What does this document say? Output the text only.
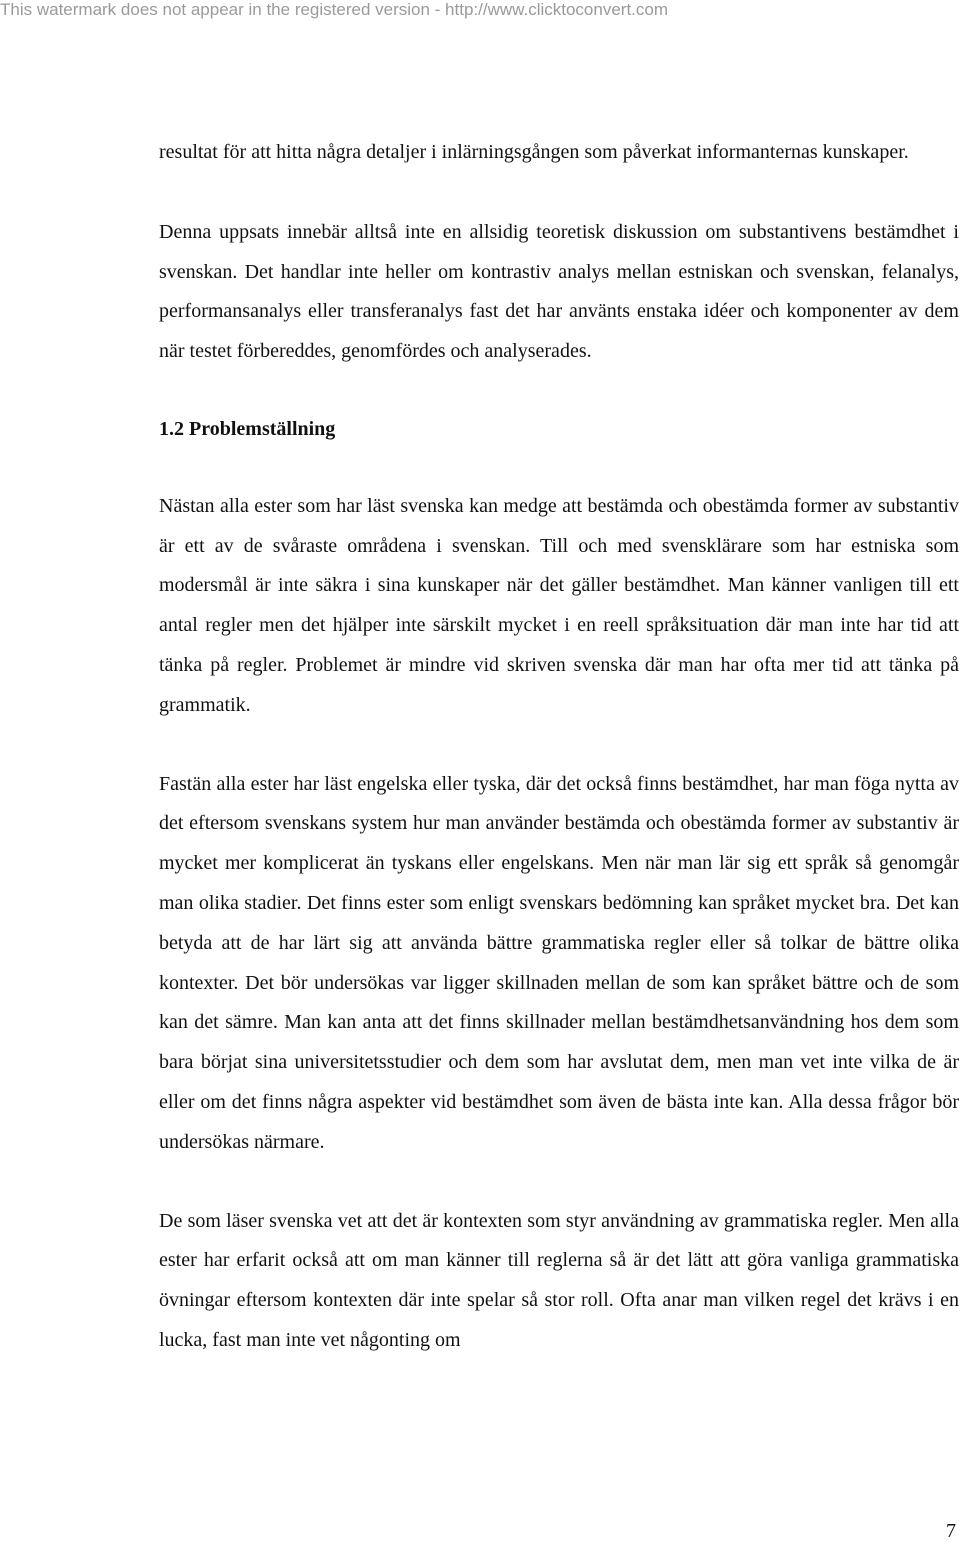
This watermark does not appear in the registered version - http://www.clicktoconvert.com

resultat för att hitta några detaljer i inlärningsgången som påverkat informanternas kunskaper.

Denna uppsats innebär alltså inte en allsidig teoretisk diskussion om substantivens bestämdhet i svenskan. Det handlar inte heller om kontrastiv analys mellan estniskan och svenskan, felanalys, performansanalys eller transferanalys fast det har använts enstaka idéer och komponenter av dem när testet förbereddes, genomfördes och analyserades.

1.2 Problemställning

Nästan alla ester som har läst svenska kan medge att bestämda och obestämda former av substantiv är ett av de svåraste områdena i svenskan. Till och med svensklärare som har estniska som modersmål är inte säkra i sina kunskaper när det gäller bestämdhet. Man känner vanligen till ett antal regler men det hjälper inte särskilt mycket i en reell språksituation där man inte har tid att tänka på regler. Problemet är mindre vid skriven svenska där man har ofta mer tid att tänka på grammatik.

Fastän alla ester har läst engelska eller tyska, där det också finns bestämdhet, har man föga nytta av det eftersom svenskans system hur man använder bestämda och obestämda former av substantiv är mycket mer komplicerat än tyskans eller engelskans. Men när man lär sig ett språk så genomgår man olika stadier. Det finns ester som enligt svenskars bedömning kan språket mycket bra. Det kan betyda att de har lärt sig att använda bättre grammatiska regler eller så tolkar de bättre olika kontexter. Det bör undersökas var ligger skillnaden mellan de som kan språket bättre och de som kan det sämre. Man kan anta att det finns skillnader mellan bestämdhetsanvändning hos dem som bara börjat sina universitetsstudier och dem som har avslutat dem, men man vet inte vilka de är eller om det finns några aspekter vid bestämdhet som även de bästa inte kan. Alla dessa frågor bör undersökas närmare.

De som läser svenska vet att det är kontexten som styr användning av grammatiska regler. Men alla ester har erfarit också att om man känner till reglerna så är det lätt att göra vanliga grammatiska övningar eftersom kontexten där inte spelar så stor roll. Ofta anar man vilken regel det krävs i en lucka, fast man inte vet någonting om

7
